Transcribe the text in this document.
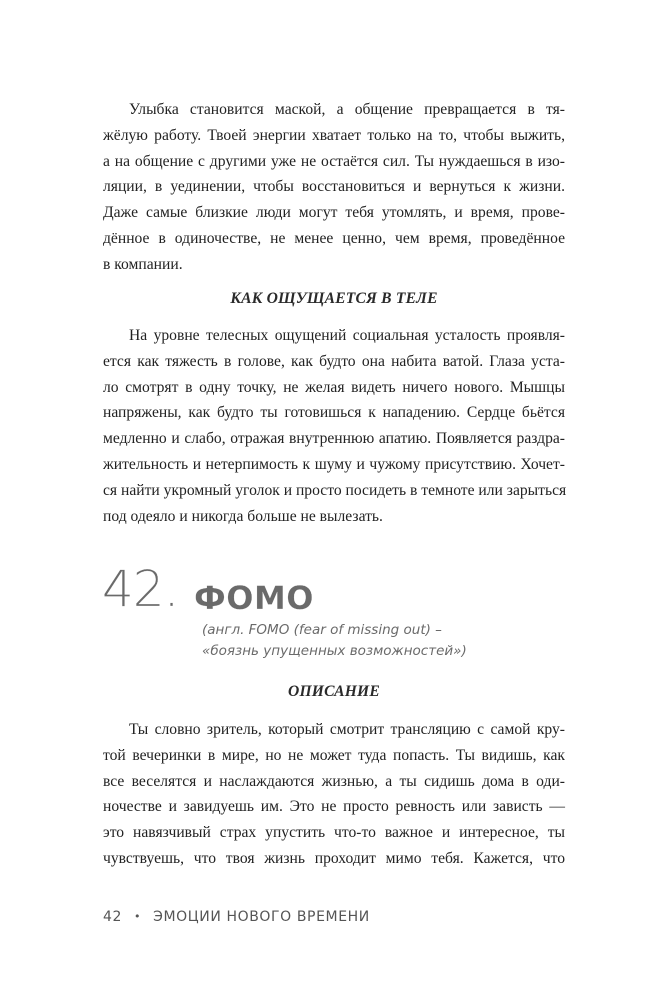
Улыбка становится маской, а общение превращается в тя-
жёлую работу. Твоей энергии хватает только на то, чтобы выжить,
а на общение с другими уже не остаётся сил. Ты нуждаешься в изо-
ляции, в уединении, чтобы восстановиться и вернуться к жизни.
Даже самые близкие люди могут тебя утомлять, и время, прове-
дённое в одиночестве, не менее ценно, чем время, проведённое
в компании.

КАК ОЩУЩАЕТСЯ В ТЕЛЕ

На уровне телесных ощущений социальная усталость проявля-
ется как тяжесть в голове, как будто она набита ватой. Глаза уста-
ло смотрят в одну точку, не желая видеть ничего нового. Мышцы
напряжены, как будто ты готовишься к нападению. Сердце бьётся
медленно и слабо, отражая внутреннюю апатию. Появляется раздра-
жительность и нетерпимость к шуму и чужому присутствию. Хочет-
ся найти укромный уголок и просто посидеть в темноте или зарыться
под одеяло и никогда больше не вылезать.

42. ФОМО

(англ. FOMO (fear of missing out) –
«боязнь упущенных возможностей»)

ОПИСАНИЕ

Ты словно зритель, который смотрит трансляцию с самой кру-
той вечеринки в мире, но не может туда попасть. Ты видишь, как
все веселятся и наслаждаются жизнью, а ты сидишь дома в оди-
ночестве и завидуешь им. Это не просто ревность или зависть —
это навязчивый страх упустить что-то важное и интересное, ты
чувствуешь, что твоя жизнь проходит мимо тебя. Кажется, что

42 • ЭМОЦИИ НОВОГО ВРЕМЕНИ
